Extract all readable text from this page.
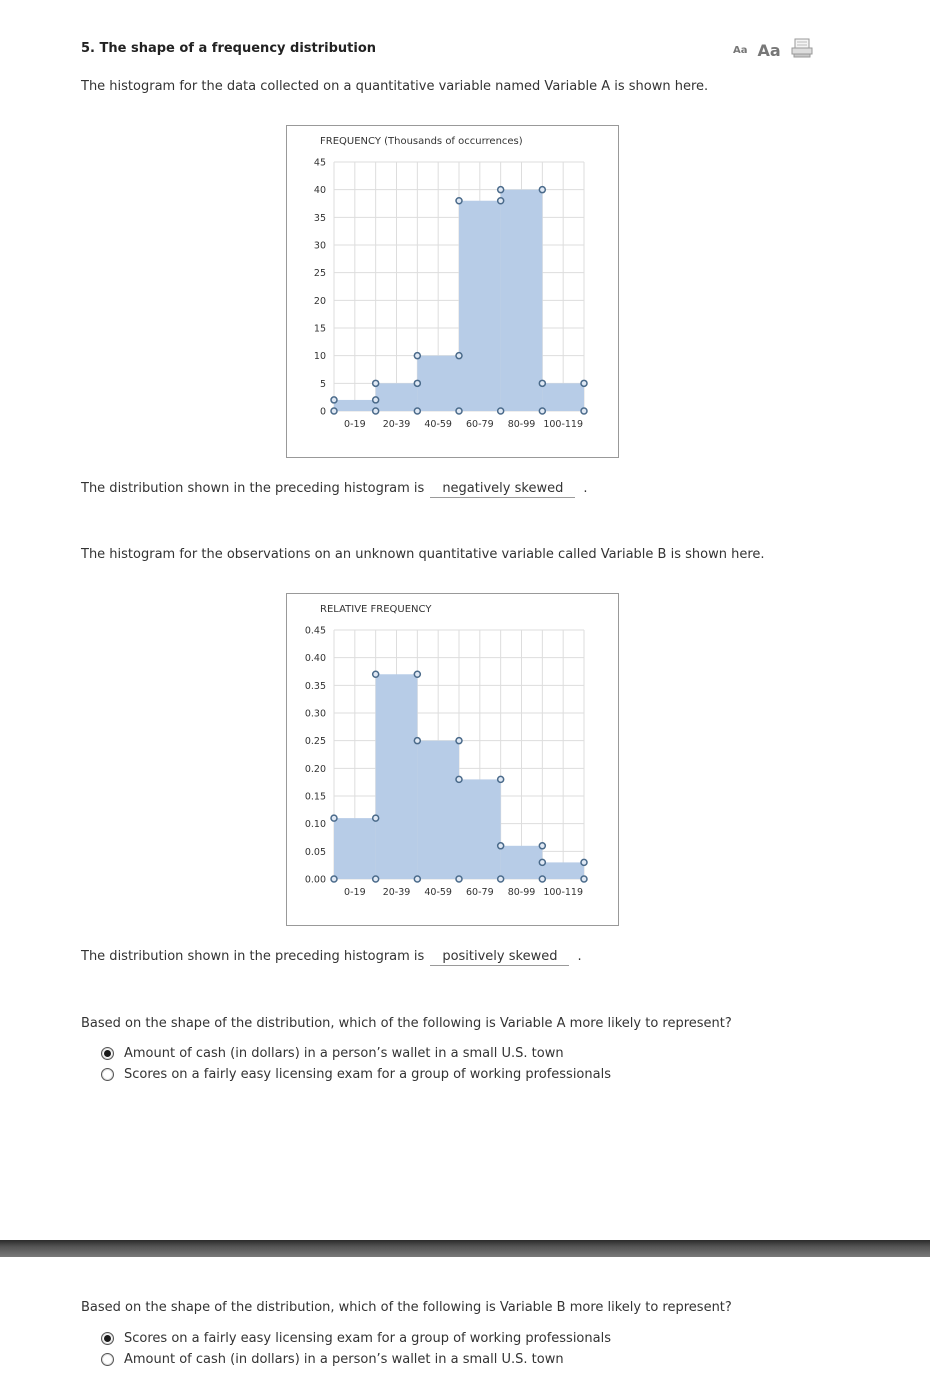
5. The shape of a frequency distribution	Aa Aa
The histogram for the data collected on a quantitative variable named Variable A is shown here.
FREQUENCY (Thousands of occurrences)
0
5
10
15
20
25
30
35
40
45
0-19 20-39 40-59 60-79 80-99 100-119
The distribution shown in the preceding histogram is negatively skewed .
The histogram for the observations on an unknown quantitative variable called Variable B is shown here.
RELATIVE FREQUENCY
0.00
0.05
0.10
0.15
0.20
0.25
0.30
0.35
0.40
0.45
0-19 20-39 40-59 60-79 80-99 100-119
The distribution shown in the preceding histogram is positively skewed .
Based on the shape of the distribution, which of the following is Variable A more likely to represent?
Amount of cash (in dollars) in a person’s wallet in a small U.S. town
Scores on a fairly easy licensing exam for a group of working professionals
Based on the shape of the distribution, which of the following is Variable B more likely to represent?
Scores on a fairly easy licensing exam for a group of working professionals
Amount of cash (in dollars) in a person’s wallet in a small U.S. town
